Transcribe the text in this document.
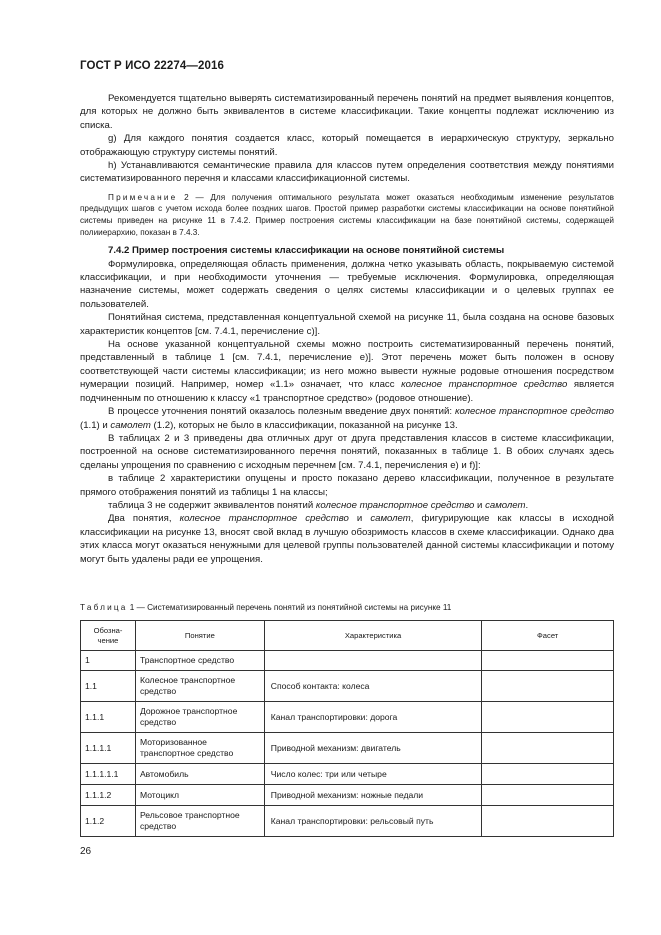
ГОСТ Р ИСО 22274—2016

Рекомендуется тщательно выверять систематизированный перечень понятий на предмет выявления концептов, для которых не должно быть эквивалентов в системе классификации. Такие концепты подлежат исключению из списка.

g) Для каждого понятия создается класс, который помещается в иерархическую структуру, зеркально отображающую структуру системы понятий.

h) Устанавливаются семантические правила для классов путем определения соответствия между понятиями систематизированного перечня и классами классификационной системы.

Примечание 2 — Для получения оптимального результата может оказаться необходимым изменение результатов предыдущих шагов с учетом исхода более поздних шагов. Простой пример разработки системы классификации на основе понятийной системы приведен на рисунке 11 в 7.4.2. Пример построения системы классификации на базе понятийной системы, содержащей полииерархию, показан в 7.4.3.

7.4.2 Пример построения системы классификации на основе понятийной системы

Формулировка, определяющая область применения, должна четко указывать область, покрываемую системой классификации, и при необходимости уточнения — требуемые исключения. Формулировка, определяющая назначение системы, может содержать сведения о целях системы классификации и о целевых группах ее пользователей.

Понятийная система, представленная концептуальной схемой на рисунке 11, была создана на основе базовых характеристик концептов [см. 7.4.1, перечисление с)].

На основе указанной концептуальной схемы можно построить систематизированный перечень понятий, представленный в таблице 1 [см. 7.4.1, перечисление е)]. Этот перечень может быть положен в основу соответствующей части системы классификации; из него можно вывести нужные родовые отношения посредством нумерации позиций. Например, номер «1.1» означает, что класс колесное транспортное средство является подчиненным по отношению к классу «1 транспортное средство» (родовое отношение).

В процессе уточнения понятий оказалось полезным введение двух понятий: колесное транспортное средство (1.1) и самолет (1.2), которых не было в классификации, показанной на рисунке 13.

В таблицах 2 и 3 приведены два отличных друг от друга представления классов в системе классификации, построенной на основе систематизированного перечня понятий, показанных в таблице 1. В обоих случаях здесь сделаны упрощения по сравнению с исходным перечнем [см. 7.4.1, перечисления е) и f)]:

в таблице 2 характеристики опущены и просто показано дерево классификации, полученное в результате прямого отображения понятий из таблицы 1 на классы;

таблица 3 не содержит эквивалентов понятий колесное транспортное средство и самолет.

Два понятия, колесное транспортное средство и самолет, фигурирующие как классы в исходной классификации на рисунке 13, вносят свой вклад в лучшую обозримость классов в схеме классификации. Однако два этих класса могут оказаться ненужными для целевой группы пользователей данной системы классификации и потому могут быть удалены ради ее упрощения.

Таблица 1 — Систематизированный перечень понятий из понятийной системы на рисунке 11
Обозна-чение	Понятие	Характеристика	Фасет
1	Транспортное средство		
1.1	Колесное транспортное средство	Способ контакта: колеса	
1.1.1	Дорожное транспортное средство	Канал транспортировки: дорога	
1.1.1.1	Моторизованное транспортное средство	Приводной механизм: двигатель	
1.1.1.1.1	Автомобиль	Число колес: три или четыре	
1.1.1.2	Мотоцикл	Приводной механизм: ножные педали	
1.1.2	Рельсовое транспортное средство	Канал транспортировки: рельсовый путь	
26
